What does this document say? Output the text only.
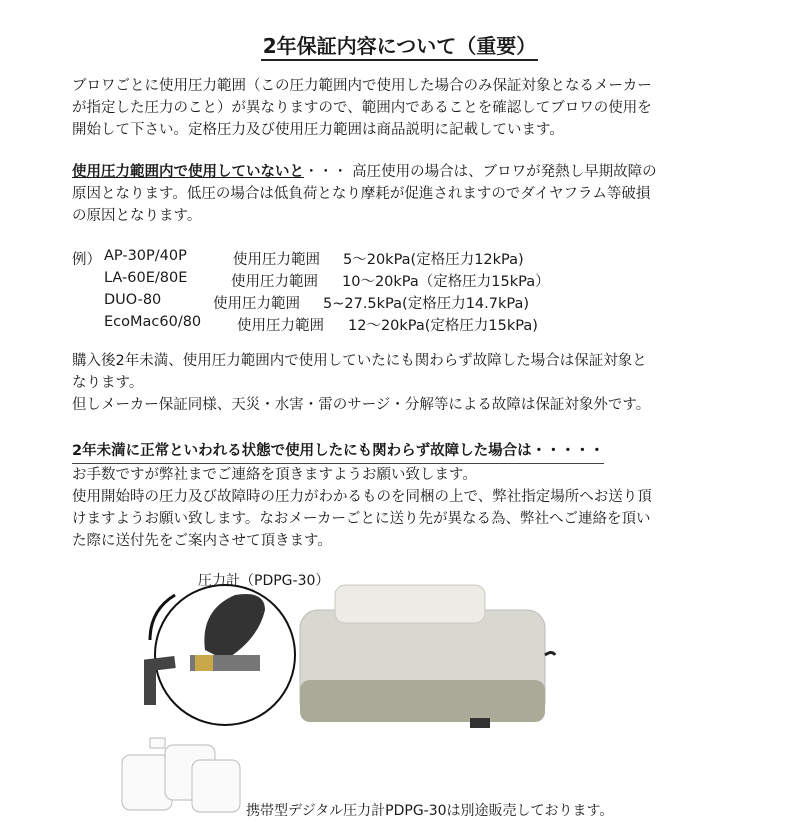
2年保証内容について（重要）
ブロワごとに使用圧力範囲（この圧力範囲内で使用した場合のみ保証対象となるメーカー
が指定した圧力のこと）が異なりますので、範囲内であることを確認してブロワの使用を
開始して下さい。定格圧力及び使用圧力範囲は商品説明に記載しています。
使用圧力範囲内で使用していないと・・・ 高圧使用の場合は、ブロワが発熱し早期故障の
原因となります。低圧の場合は低負荷となり摩耗が促進されますのでダイヤフラム等破損
の原因となります。
例） AP-30P/40P	使用圧力範囲 5～20kPa(定格圧力12kPa)
LA-60E/80E	使用圧力範囲 10～20kPa（定格圧力15kPa）
DUO-80	使用圧力範囲 5~27.5kPa(定格圧力14.7kPa)
EcoMac60/80 使用圧力範囲 12～20kPa(定格圧力15kPa)
購入後2年未満、使用圧力範囲内で使用していたにも関わらず故障した場合は保証対象と
なります。
但しメーカー保証同様、天災・水害・雷のサージ・分解等による故障は保証対象外です。
2年未満に正常といわれる状態で使用したにも関わらず故障した場合は・・・・・
お手数ですが弊社までご連絡を頂きますようお願い致します。
使用開始時の圧力及び故障時の圧力がわかるものを同梱の上で、弊社指定場所へお送り頂
けますようお願い致します。なおメーカーごとに送り先が異なる為、弊社へご連絡を頂い
た際に送付先をご案内させて頂きます。
圧力計（PDPG-30）
携帯型デジタル圧力計PDPG-30は別途販売しております。
